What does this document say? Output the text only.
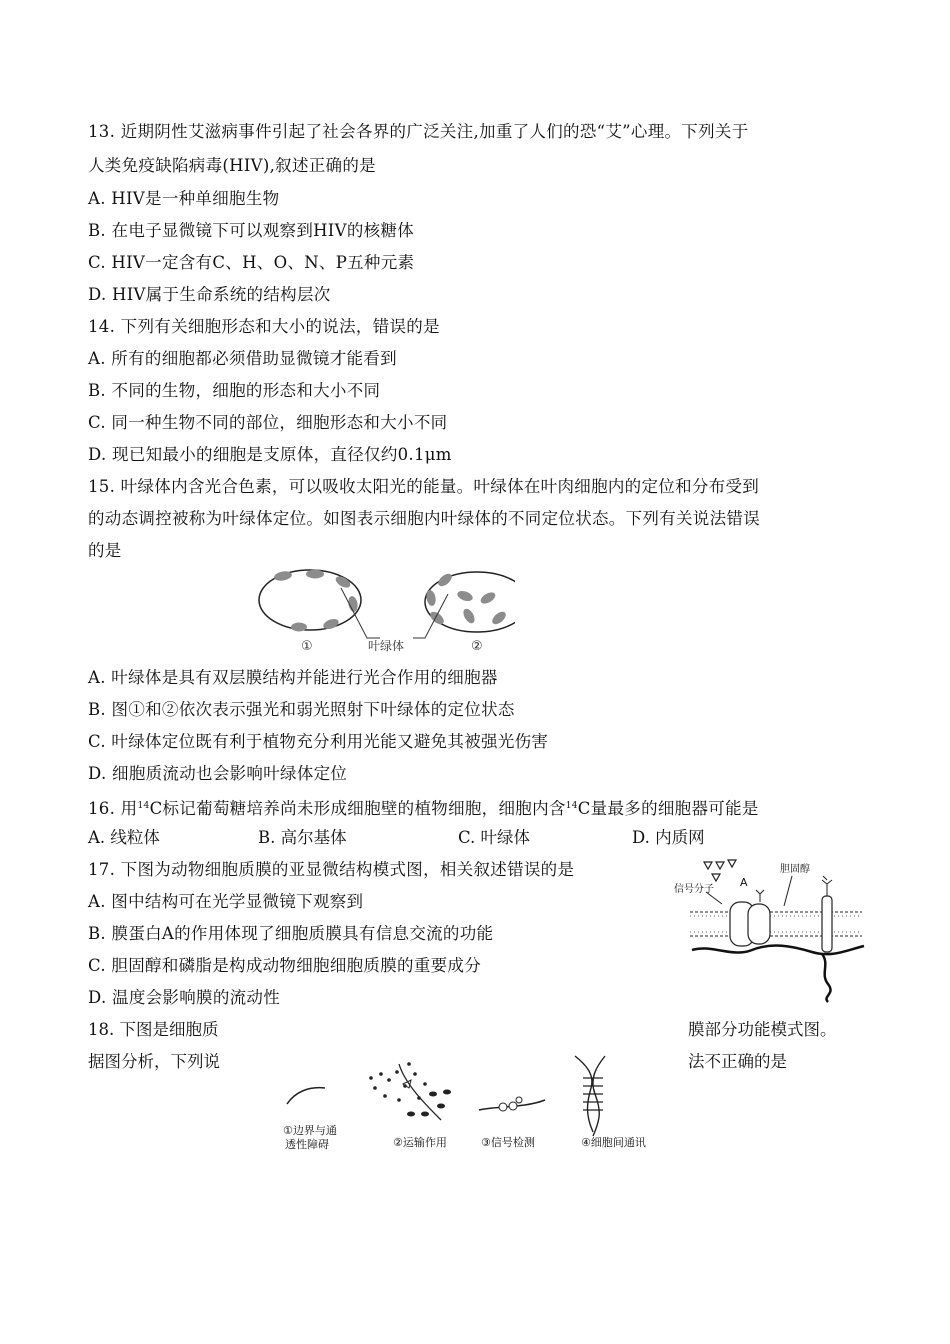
13. 近期阴性艾滋病事件引起了社会各界的广泛关注,加重了人们的恐“艾”心理。下列关于
人类免疫缺陷病毒(HIV),叙述正确的是
A. HIV是一种单细胞生物
B. 在电子显微镜下可以观察到HIV的核糖体
C. HIV一定含有C、H、O、N、P五种元素
D. HIV属于生命系统的结构层次
14. 下列有关细胞形态和大小的说法，错误的是
A. 所有的细胞都必须借助显微镜才能看到
B. 不同的生物，细胞的形态和大小不同
C. 同一种生物不同的部位，细胞形态和大小不同
D. 现已知最小的细胞是支原体，直径仅约0.1μm
15. 叶绿体内含光合色素，可以吸收太阳光的能量。叶绿体在叶肉细胞内的定位和分布受到
的动态调控被称为叶绿体定位。如图表示细胞内叶绿体的不同定位状态。下列有关说法错误
的是
①	叶绿体	②
A. 叶绿体是具有双层膜结构并能进行光合作用的细胞器
B. 图①和②依次表示强光和弱光照射下叶绿体的定位状态
C. 叶绿体定位既有利于植物充分利用光能又避免其被强光伤害
D. 细胞质流动也会影响叶绿体定位
16. 用$^{14}$C标记葡萄糖培养尚未形成细胞壁的植物细胞，细胞内含$^{14}$C量最多的细胞器可能是
A. 线粒体	B. 高尔基体	C. 叶绿体	D. 内质网
17. 下图为动物细胞质膜的亚显微结构模式图，相关叙述错误的是
A. 图中结构可在光学显微镜下观察到
B. 膜蛋白A的作用体现了细胞质膜具有信息交流的功能
C. 胆固醇和磷脂是构成动物细胞细胞质膜的重要成分
D. 温度会影响膜的流动性
信号分子
A
胆固醇
18. 下图是细胞质	膜部分功能模式图。
据图分析，下列说	法不正确的是
①边界与通
透性障碍	②运输作用	③信号检测	④细胞间通讯
